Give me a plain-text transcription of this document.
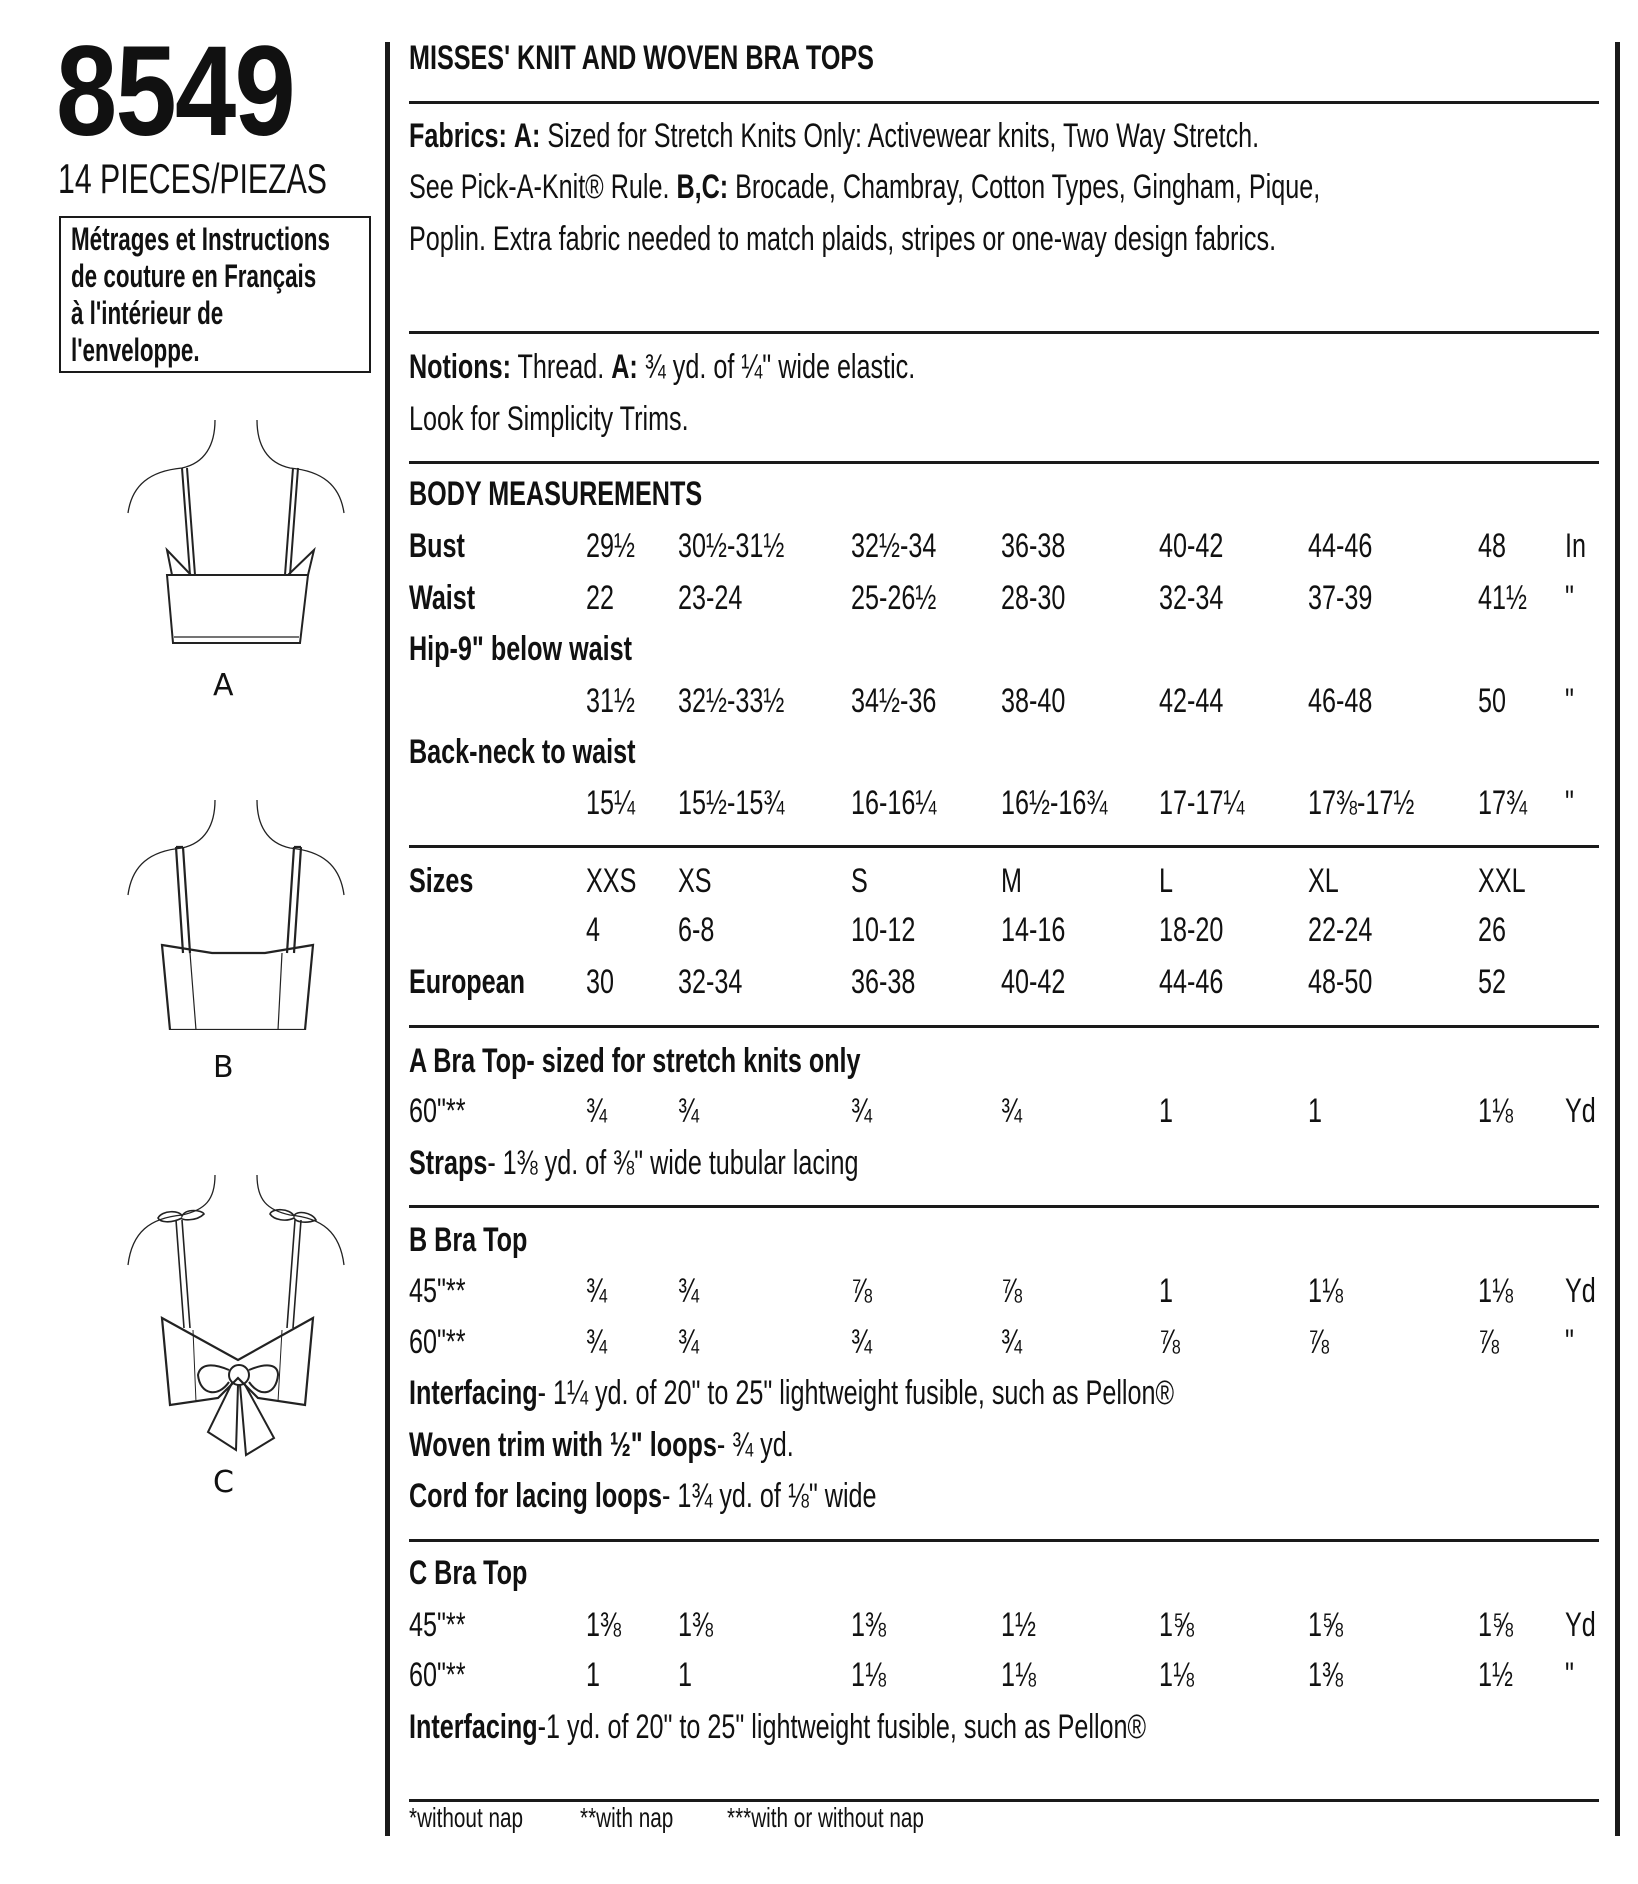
8549
14 PIECES/PIEZAS
Métrages et Instructions
de couture en Français
à l'intérieur de
l'enveloppe.
A
B
C
MISSES' KNIT AND WOVEN BRA TOPS
Fabrics: A: Sized for Stretch Knits Only: Activewear knits, Two Way Stretch.
See Pick-A-Knit® Rule. B,C: Brocade, Chambray, Cotton Types, Gingham, Pique,
Poplin. Extra fabric needed to match plaids, stripes or one-way design fabrics.
Notions: Thread. A: ¾ yd. of ¼" wide elastic.
Look for Simplicity Trims.
BODY MEASUREMENTS
Bust	29½	30½-31½	32½-34	36-38	40-42	44-46	48 In
Waist	22 23-24	25-26½	28-30	32-34	37-39	41½	"
Hip-9" below waist
31½	32½-33½	34½-36	38-40	42-44	46-48	50 "
Back-neck to waist
15¼	15½-15¾	16-16¼	16½-16¾	17-17¼	17⅜-17½	17¾	"
Sizes	XXS	XS	S	M	L	XL	XXL
4 6-8	10-12	14-16	18-20	22-24	26
European	30 32-34	36-38	40-42	44-46	48-50	52
A Bra Top- sized for stretch knits only
60"**	¾ ¾	¾	¾	1	1	1⅛	Yd
Straps- 1⅜ yd. of ⅜" wide tubular lacing
B Bra Top
45"**	¾ ¾	⅞	⅞	1	1⅛	1⅛	Yd
60"**	¾ ¾	¾	¾	⅞	⅞	⅞ "
Interfacing- 1¼ yd. of 20" to 25" lightweight fusible, such as Pellon®
Woven trim with ½" loops- ¾ yd.
Cord for lacing loops- 1¾ yd. of ⅛" wide
C Bra Top
45"**	1⅜	1⅜	1⅜	1½	1⅝	1⅝	1⅝	Yd
60"**	1 1	1⅛	1⅛	1⅛	1⅜	1½	"
Interfacing-1 yd. of 20" to 25" lightweight fusible, such as Pellon®
*without nap	**with nap	***with or without nap
